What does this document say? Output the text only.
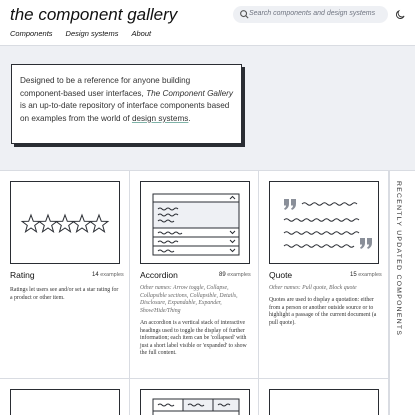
the component gallery	Search components and design systems
Components Design systems About
Designed to be a reference for anyone building component-based user interfaces, The Component Gallery is an up-to-date repository of interface components based on examples from the world of design systems.
Rating	14 examples
Ratings let users see and/or set a star rating for a product or other item.
Accordion	89 examples
Other names: Arrow toggle, Collapse, Collapsible sections, Collapsible, Details, Disclosure, Expandable, Expander, Show/Hide/Thing
An accordion is a vertical stack of interactive headings used to toggle the display of further information; each item can be 'collapsed' with just a short label visible or 'expanded' to show the full content.
Quote	15 examples
Other names: Pull quote, Block quote
Quotes are used to display a quotation: either from a person or another outside source or to highlight a passage of the current document (a pull quote).	RECENTLY UPDATED COMPONENTS
